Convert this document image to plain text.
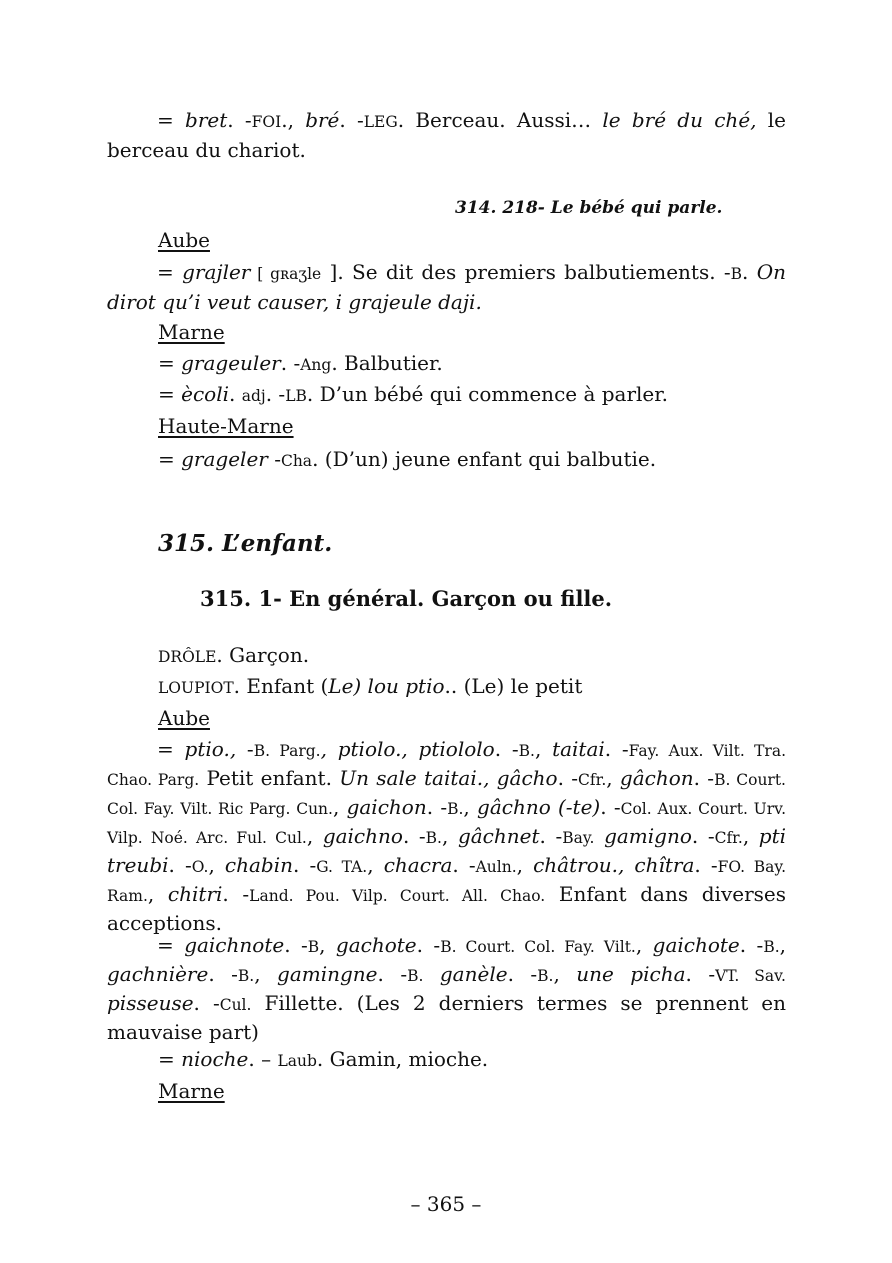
= bret. -FOI., bré. -LEG. Berceau. Aussi… le bré du ché, le berceau du chariot.
314. 218- Le bébé qui parle.
Aube
= grajler [ gʀaʒle ]. Se dit des premiers balbutiements. -B. On dirot qu’i veut causer, i grajeule daji.
Marne
= grageuler. -Ang. Balbutier.
= ècoli. adj. -LB. D’un bébé qui commence à parler.
Haute-Marne
= grageler -Cha. (D’un) jeune enfant qui balbutie.
315. L’enfant.
315. 1- En général. Garçon ou fille.
DRÔLE. Garçon.
LOUPIOT. Enfant (Le) lou ptio.. (Le) le petit
Aube
= ptio., -B. Parg., ptiolo., ptiololo. -B., taitai. -Fay. Aux. Vilt. Tra. Chao. Parg. Petit enfant. Un sale taitai., gâcho. -Cfr., gâchon. -B. Court. Col. Fay. Vilt. Ric Parg. Cun., gaichon. -B., gâchno (-te). -Col. Aux. Court. Urv. Vilp. Noé. Arc. Ful. Cul., gaichno. -B., gâchnet. -Bay. gamigno. -Cfr., pti treubi. -O., chabin. -G. TA., chacra. -Auln., châtrou., chîtra. -FO. Bay. Ram., chitri. -Land. Pou. Vilp. Court. All. Chao. Enfant dans diverses acceptions.
= gaichnote. -B, gachote. -B. Court. Col. Fay. Vilt., gaichote. -B., gachnière. -B., gamingne. -B. ganèle. -B., une picha. -VT. Sav. pisseuse. -Cul. Fillette. (Les 2 derniers termes se prennent en mauvaise part)
= nioche. – Laub. Gamin, mioche.
Marne
– 365 –
